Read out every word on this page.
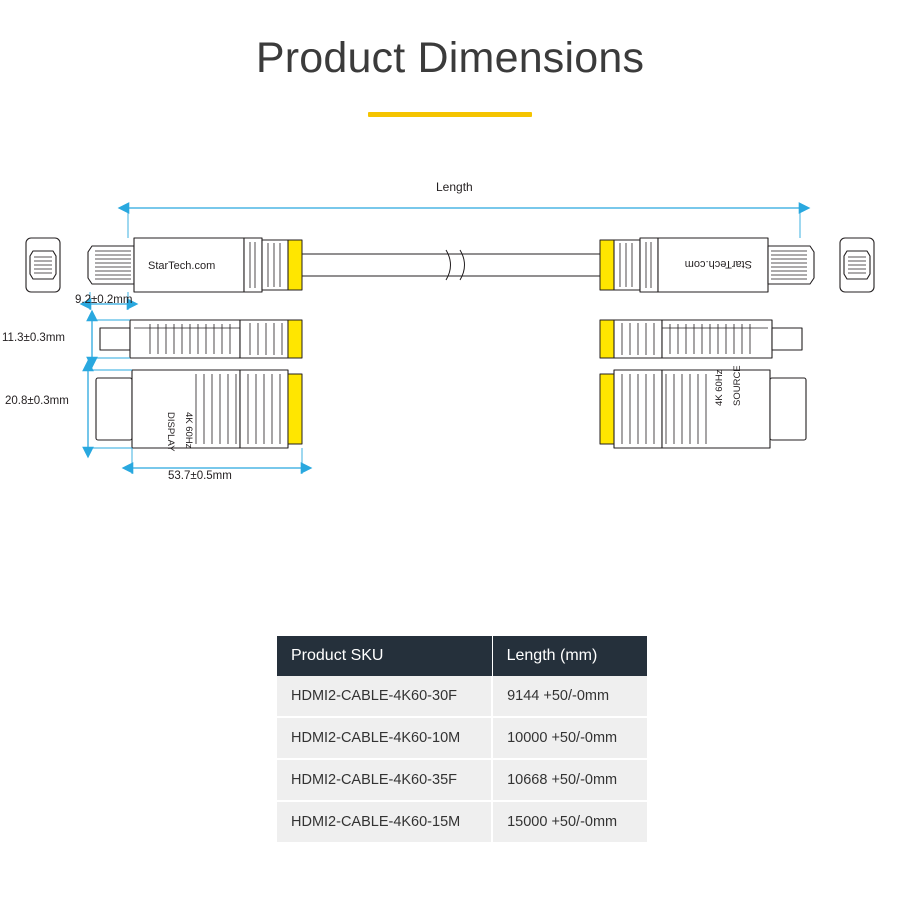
Product Dimensions
StarTech.com	StarTech.com
DISPLAY 4K 60Hz
SOURCE
4K 60Hz
Length
9.2±0.2mm
11.3±0.3mm
20.8±0.3mm
53.7±0.5mm
Product SKU	Length (mm)
HDMI2-CABLE-4K60-30F	9144 +50/-0mm
HDMI2-CABLE-4K60-10M	10000 +50/-0mm
HDMI2-CABLE-4K60-35F	10668 +50/-0mm
HDMI2-CABLE-4K60-15M	15000 +50/-0mm
